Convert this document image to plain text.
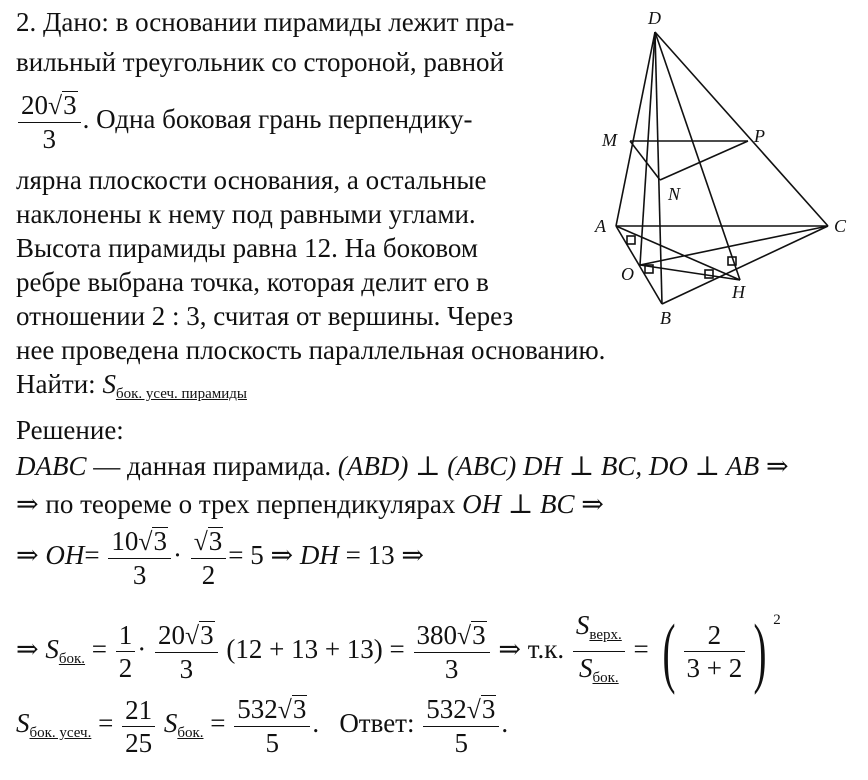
2. Дано: в основании пирамиды лежит пра-
вильный треугольник со стороной, равной
$\frac{20√3}{3}$ . Одна боковая грань перпендику-
лярна плоскости основания, а остальные
наклонены к нему под равными углами.
Высота пирамиды равна 12. На боковом
ребре выбрана точка, которая делит его в
отношении 2 : 3, считая от вершины. Через
нее проведена плоскость параллельная основанию.
Найти: $S_{бок. усеч. пирамиды}$
D
M	P
N
A	C
O
H
B
Решение:
DABC — данная пирамида. (ABD) ⊥ (ABC) DH ⊥ BC, DO ⊥ AB ⇒
⇒ по теореме о трех перпендикулярах OH ⊥ BC ⇒
⇒ $OH= \frac{10√3}{3} \cdot \frac{√3}{2} = 5$ ⇒ DH = 13 ⇒
⇒ $S_{бок.} = \frac{1}{2} \cdot \frac{20√3}{3} (12 + 13 + 13) = \frac{380√3}{3}$ ⇒ т.к. $\frac{S_{верх.}}{S_{бок.}}$ = ( $\frac{2}{3 + 2}$ ) $^2$
$S_{бок. усеч.} = \frac{21}{25} S_{бок.} = \frac{532√3}{5}$ .   Ответ: $\frac{532√3}{5}$ .
